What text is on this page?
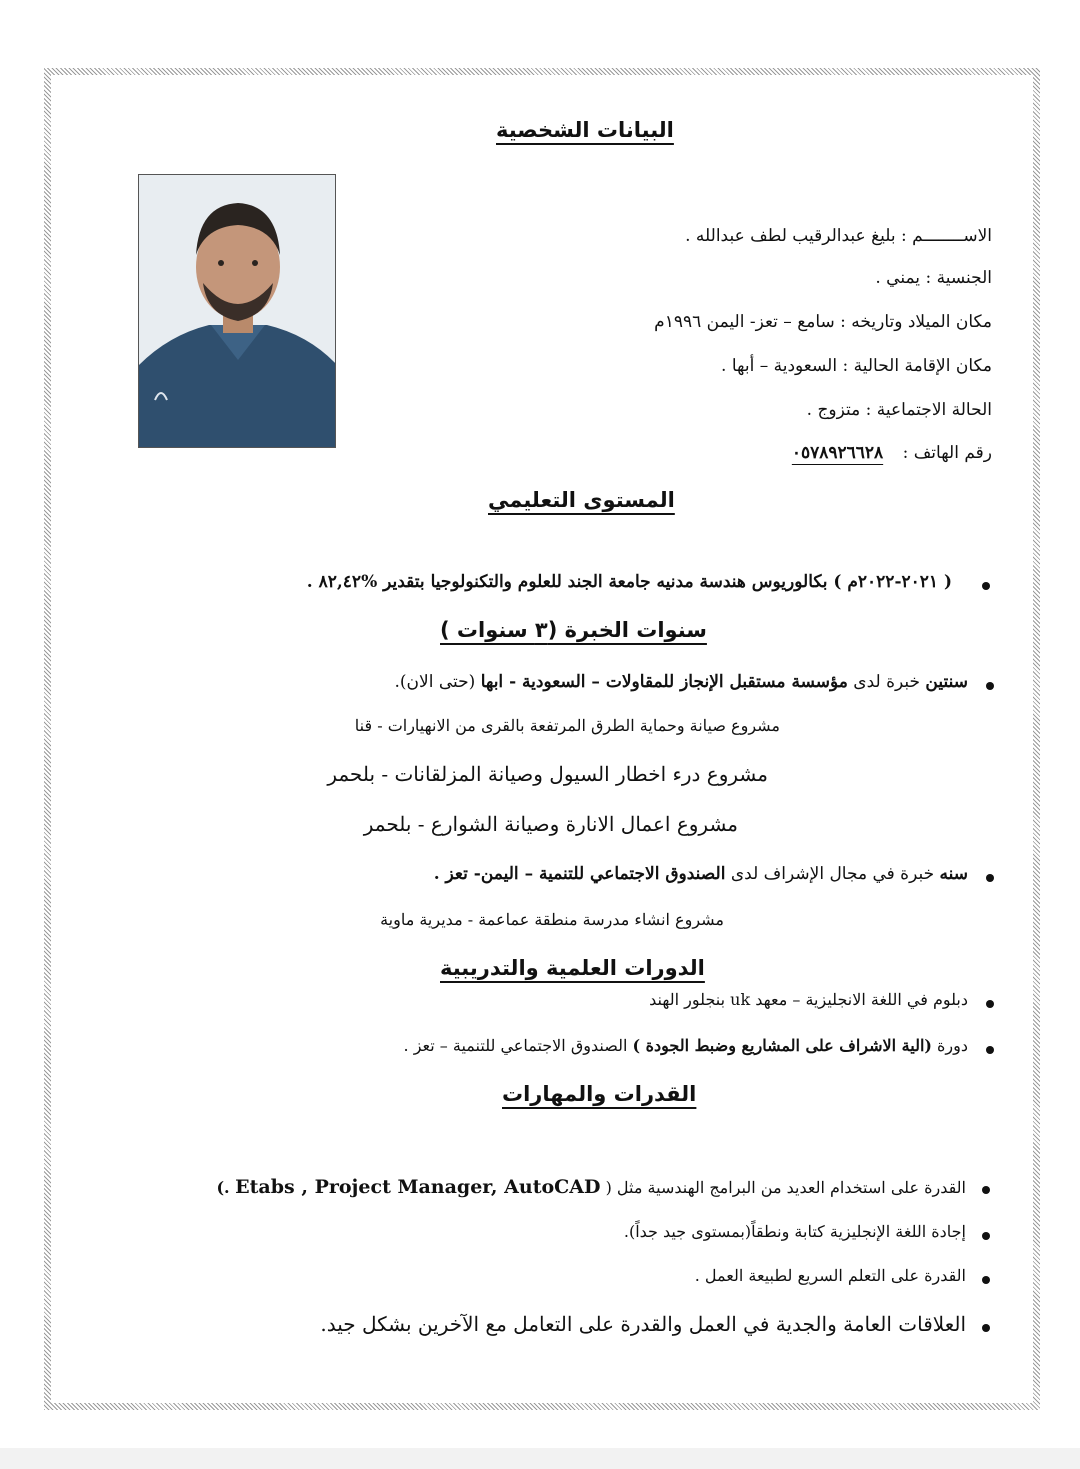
البيانات الشخصية
الاســــــــم : بليغ عبدالرقيب لطف عبدالله .
الجنسية : يمني .
مكان الميلاد وتاريخه : سامع – تعز- اليمن ١٩٩٦م
مكان الإقامة الحالية : السعودية – أبها .
الحالة الاجتماعية : متزوج .
رقم الهاتف : ٠٥٧٨٩٢٦٦٢٨
المستوى التعليمي
( ٢٠٢١-٢٠٢٢م ) بكالوريوس هندسة مدنيه جامعة الجند للعلوم والتكنولوجيا بتقدير %٨٢,٤٢ .
سنوات الخبرة (٣ سنوات )
سنتين خبرة لدى مؤسسة مستقبل الإنجاز للمقاولات – السعودية - ابها (حتى الان).
مشروع صيانة وحماية الطرق المرتفعة بالقرى من الانهيارات - قنا
مشروع درء اخطار السيول وصيانة المزلقانات - بلحمر
مشروع اعمال الانارة وصيانة الشوارع - بلحمر
سنه خبرة في مجال الإشراف لدى الصندوق الاجتماعي للتنمية – اليمن- تعز .
مشروع انشاء مدرسة منطقة عماعمة - مديرية ماوية
الدورات العلمية والتدريبية
دبلوم في اللغة الانجليزية – معهد uk بنجلور الهند
دورة (الية الاشراف على المشاريع وضبط الجودة ) الصندوق الاجتماعي للتنمية – تعز .
القدرات والمهارات
القدرة على استخدام العديد من البرامج الهندسية مثل ( Etabs , Project Manager, AutoCAD .)
إجادة اللغة الإنجليزية كتابة ونطقاً(بمستوى جيد جداً).
القدرة على التعلم السريع لطبيعة العمل .
العلاقات العامة والجدية في العمل والقدرة على التعامل مع الآخرين بشكل جيد.
